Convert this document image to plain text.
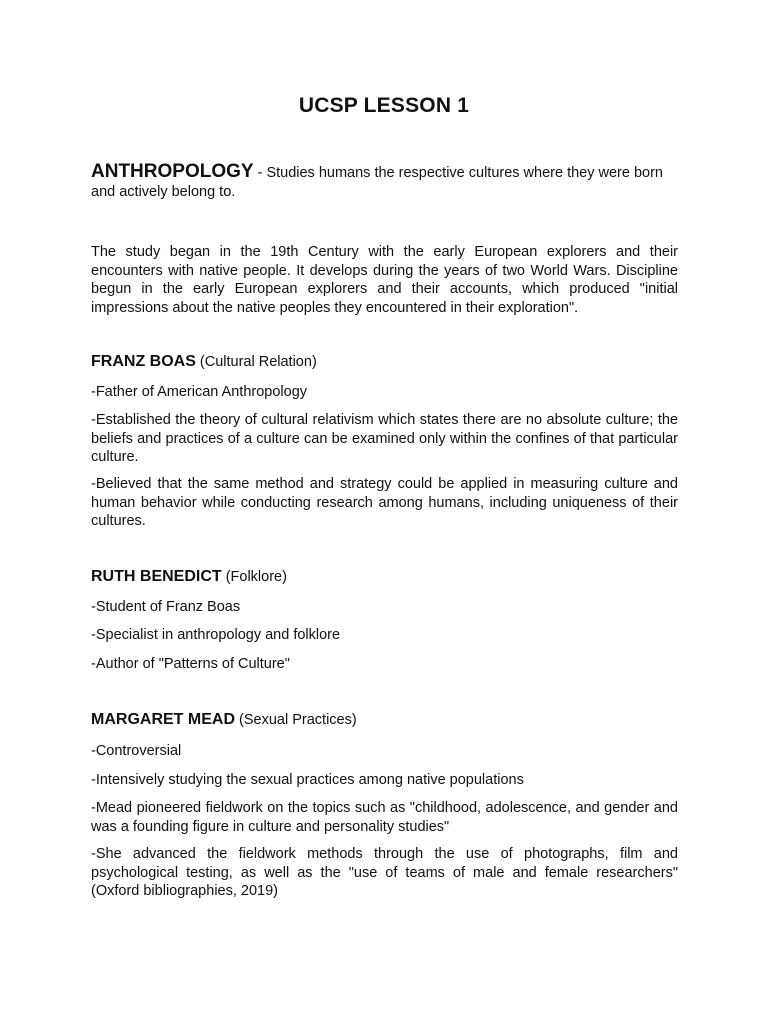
UCSP LESSON 1
ANTHROPOLOGY - Studies humans the respective cultures where they were born and actively belong to.
The study began in the 19th Century with the early European explorers and their encounters with native people. It develops during the years of two World Wars. Discipline begun in the early European explorers and their accounts, which produced "initial impressions about the native peoples they encountered in their exploration".
FRANZ BOAS (Cultural Relation)
-Father of American Anthropology
-Established the theory of cultural relativism which states there are no absolute culture; the beliefs and practices of a culture can be examined only within the confines of that particular culture.
-Believed that the same method and strategy could be applied in measuring culture and human behavior while conducting research among humans, including uniqueness of their cultures.
RUTH BENEDICT (Folklore)
-Student of Franz Boas
-Specialist in anthropology and folklore
-Author of "Patterns of Culture"
MARGARET MEAD (Sexual Practices)
-Controversial
-Intensively studying the sexual practices among native populations
-Mead pioneered fieldwork on the topics such as "childhood, adolescence, and gender and was a founding figure in culture and personality studies"
-She advanced the fieldwork methods through the use of photographs, film and psychological testing, as well as the "use of teams of male and female researchers" (Oxford bibliographies, 2019)
